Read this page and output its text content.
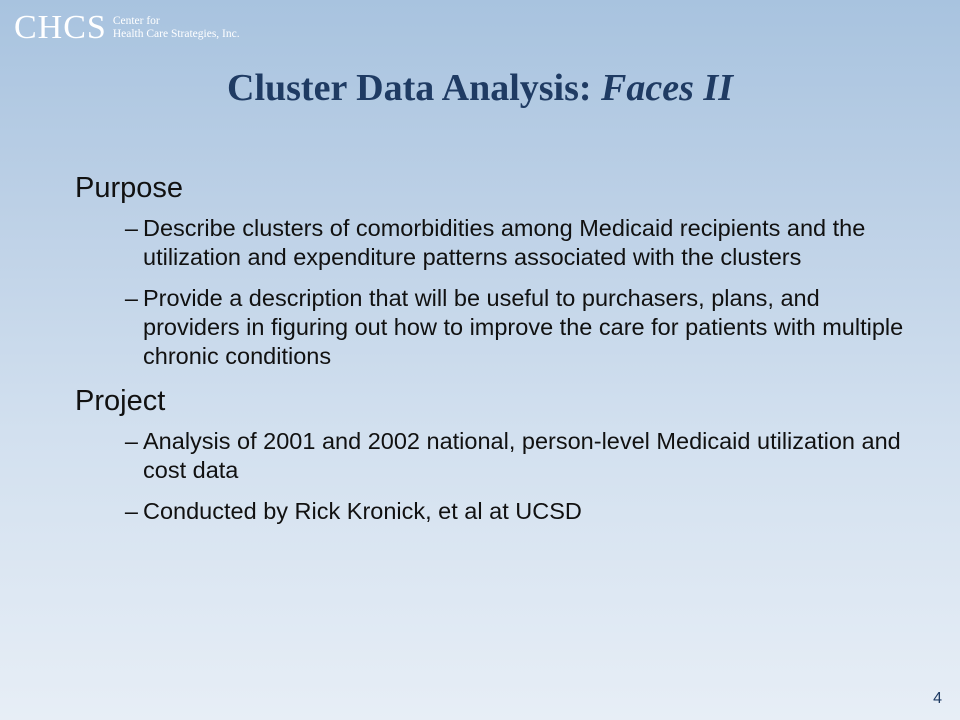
CHCS Center for
Health Care Strategies, Inc.
Cluster Data Analysis: Faces II
Purpose
– Describe clusters of comorbidities among Medicaid recipients and the utilization and expenditure patterns associated with the clusters
– Provide a description that will be useful to purchasers, plans, and providers in figuring out how to improve the care for patients with multiple chronic conditions
Project
– Analysis of 2001 and 2002 national, person-level Medicaid utilization and cost data
– Conducted by Rick Kronick, et al at UCSD
4
